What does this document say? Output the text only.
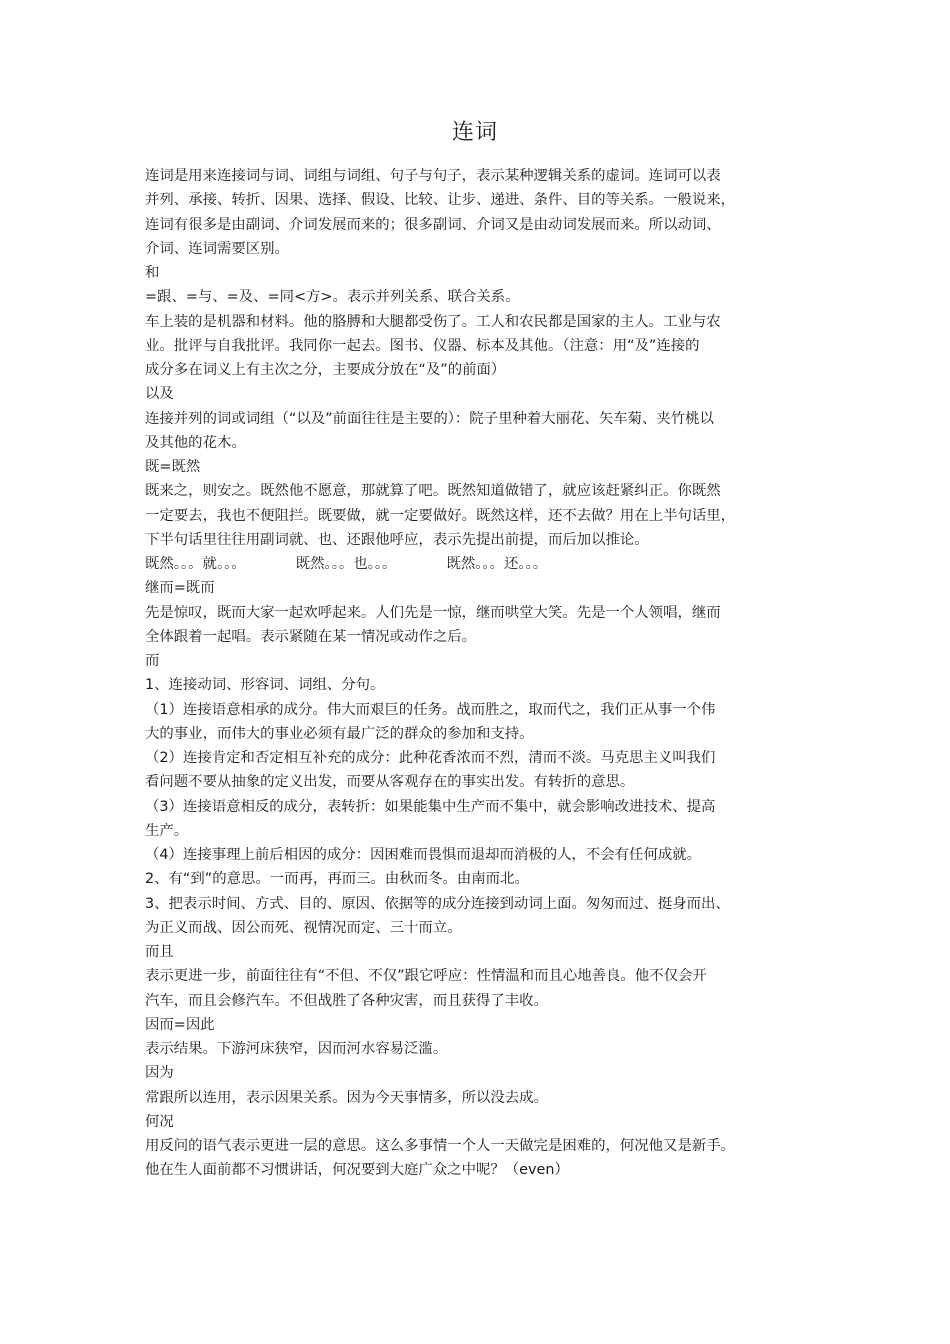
连词
连词是用来连接词与词、词组与词组、句子与句子，表示某种逻辑关系的虚词。连词可以表
并列、承接、转折、因果、选择、假设、比较、让步、递进、条件、目的等关系。一般说来，
连词有很多是由副词、介词发展而来的；很多副词、介词又是由动词发展而来。所以动词、
介词、连词需要区别。
和
=跟、=与、=及、=同<方>。表示并列关系、联合关系。
车上装的是机器和材料。他的胳膊和大腿都受伤了。工人和农民都是国家的主人。工业与农
业。批评与自我批评。我同你一起去。图书、仪器、标本及其他。（注意：用“及”连接的
成分多在词义上有主次之分，主要成分放在“及”的前面）
以及
连接并列的词或词组（“以及”前面往往是主要的）：院子里种着大丽花、矢车菊、夹竹桃以
及其他的花木。
既=既然
既来之，则安之。既然他不愿意，那就算了吧。既然知道做错了，就应该赶紧纠正。你既然
一定要去，我也不便阻拦。既要做，就一定要做好。既然这样，还不去做？用在上半句话里，
下半句话里往往用副词就、也、还跟他呼应，表示先提出前提，而后加以推论。
既然。。。就。。。	既然。。。也。。。	既然。。。还。。。
继而=既而
先是惊叹，既而大家一起欢呼起来。人们先是一惊，继而哄堂大笑。先是一个人领唱，继而
全体跟着一起唱。表示紧随在某一情况或动作之后。
而
1、连接动词、形容词、词组、分句。
（1）连接语意相承的成分。伟大而艰巨的任务。战而胜之，取而代之，我们正从事一个伟
大的事业，而伟大的事业必须有最广泛的群众的参加和支持。
（2）连接肯定和否定相互补充的成分：此种花香浓而不烈，清而不淡。马克思主义叫我们
看问题不要从抽象的定义出发，而要从客观存在的事实出发。有转折的意思。
（3）连接语意相反的成分，表转折：如果能集中生产而不集中，就会影响改进技术、提高
生产。
（4）连接事理上前后相因的成分：因困难而畏惧而退却而消极的人，不会有任何成就。
2、有“到”的意思。一而再，再而三。由秋而冬。由南而北。
3、把表示时间、方式、目的、原因、依据等的成分连接到动词上面。匆匆而过、挺身而出、
为正义而战、因公而死、视情况而定、三十而立。
而且
表示更进一步，前面往往有“不但、不仅”跟它呼应：性情温和而且心地善良。他不仅会开
汽车，而且会修汽车。不但战胜了各种灾害，而且获得了丰收。
因而=因此
表示结果。下游河床狭窄，因而河水容易泛滥。
因为
常跟所以连用，表示因果关系。因为今天事情多，所以没去成。
何况
用反问的语气表示更进一层的意思。这么多事情一个人一天做完是困难的，何况他又是新手。
他在生人面前都不习惯讲话，何况要到大庭广众之中呢？（even）
